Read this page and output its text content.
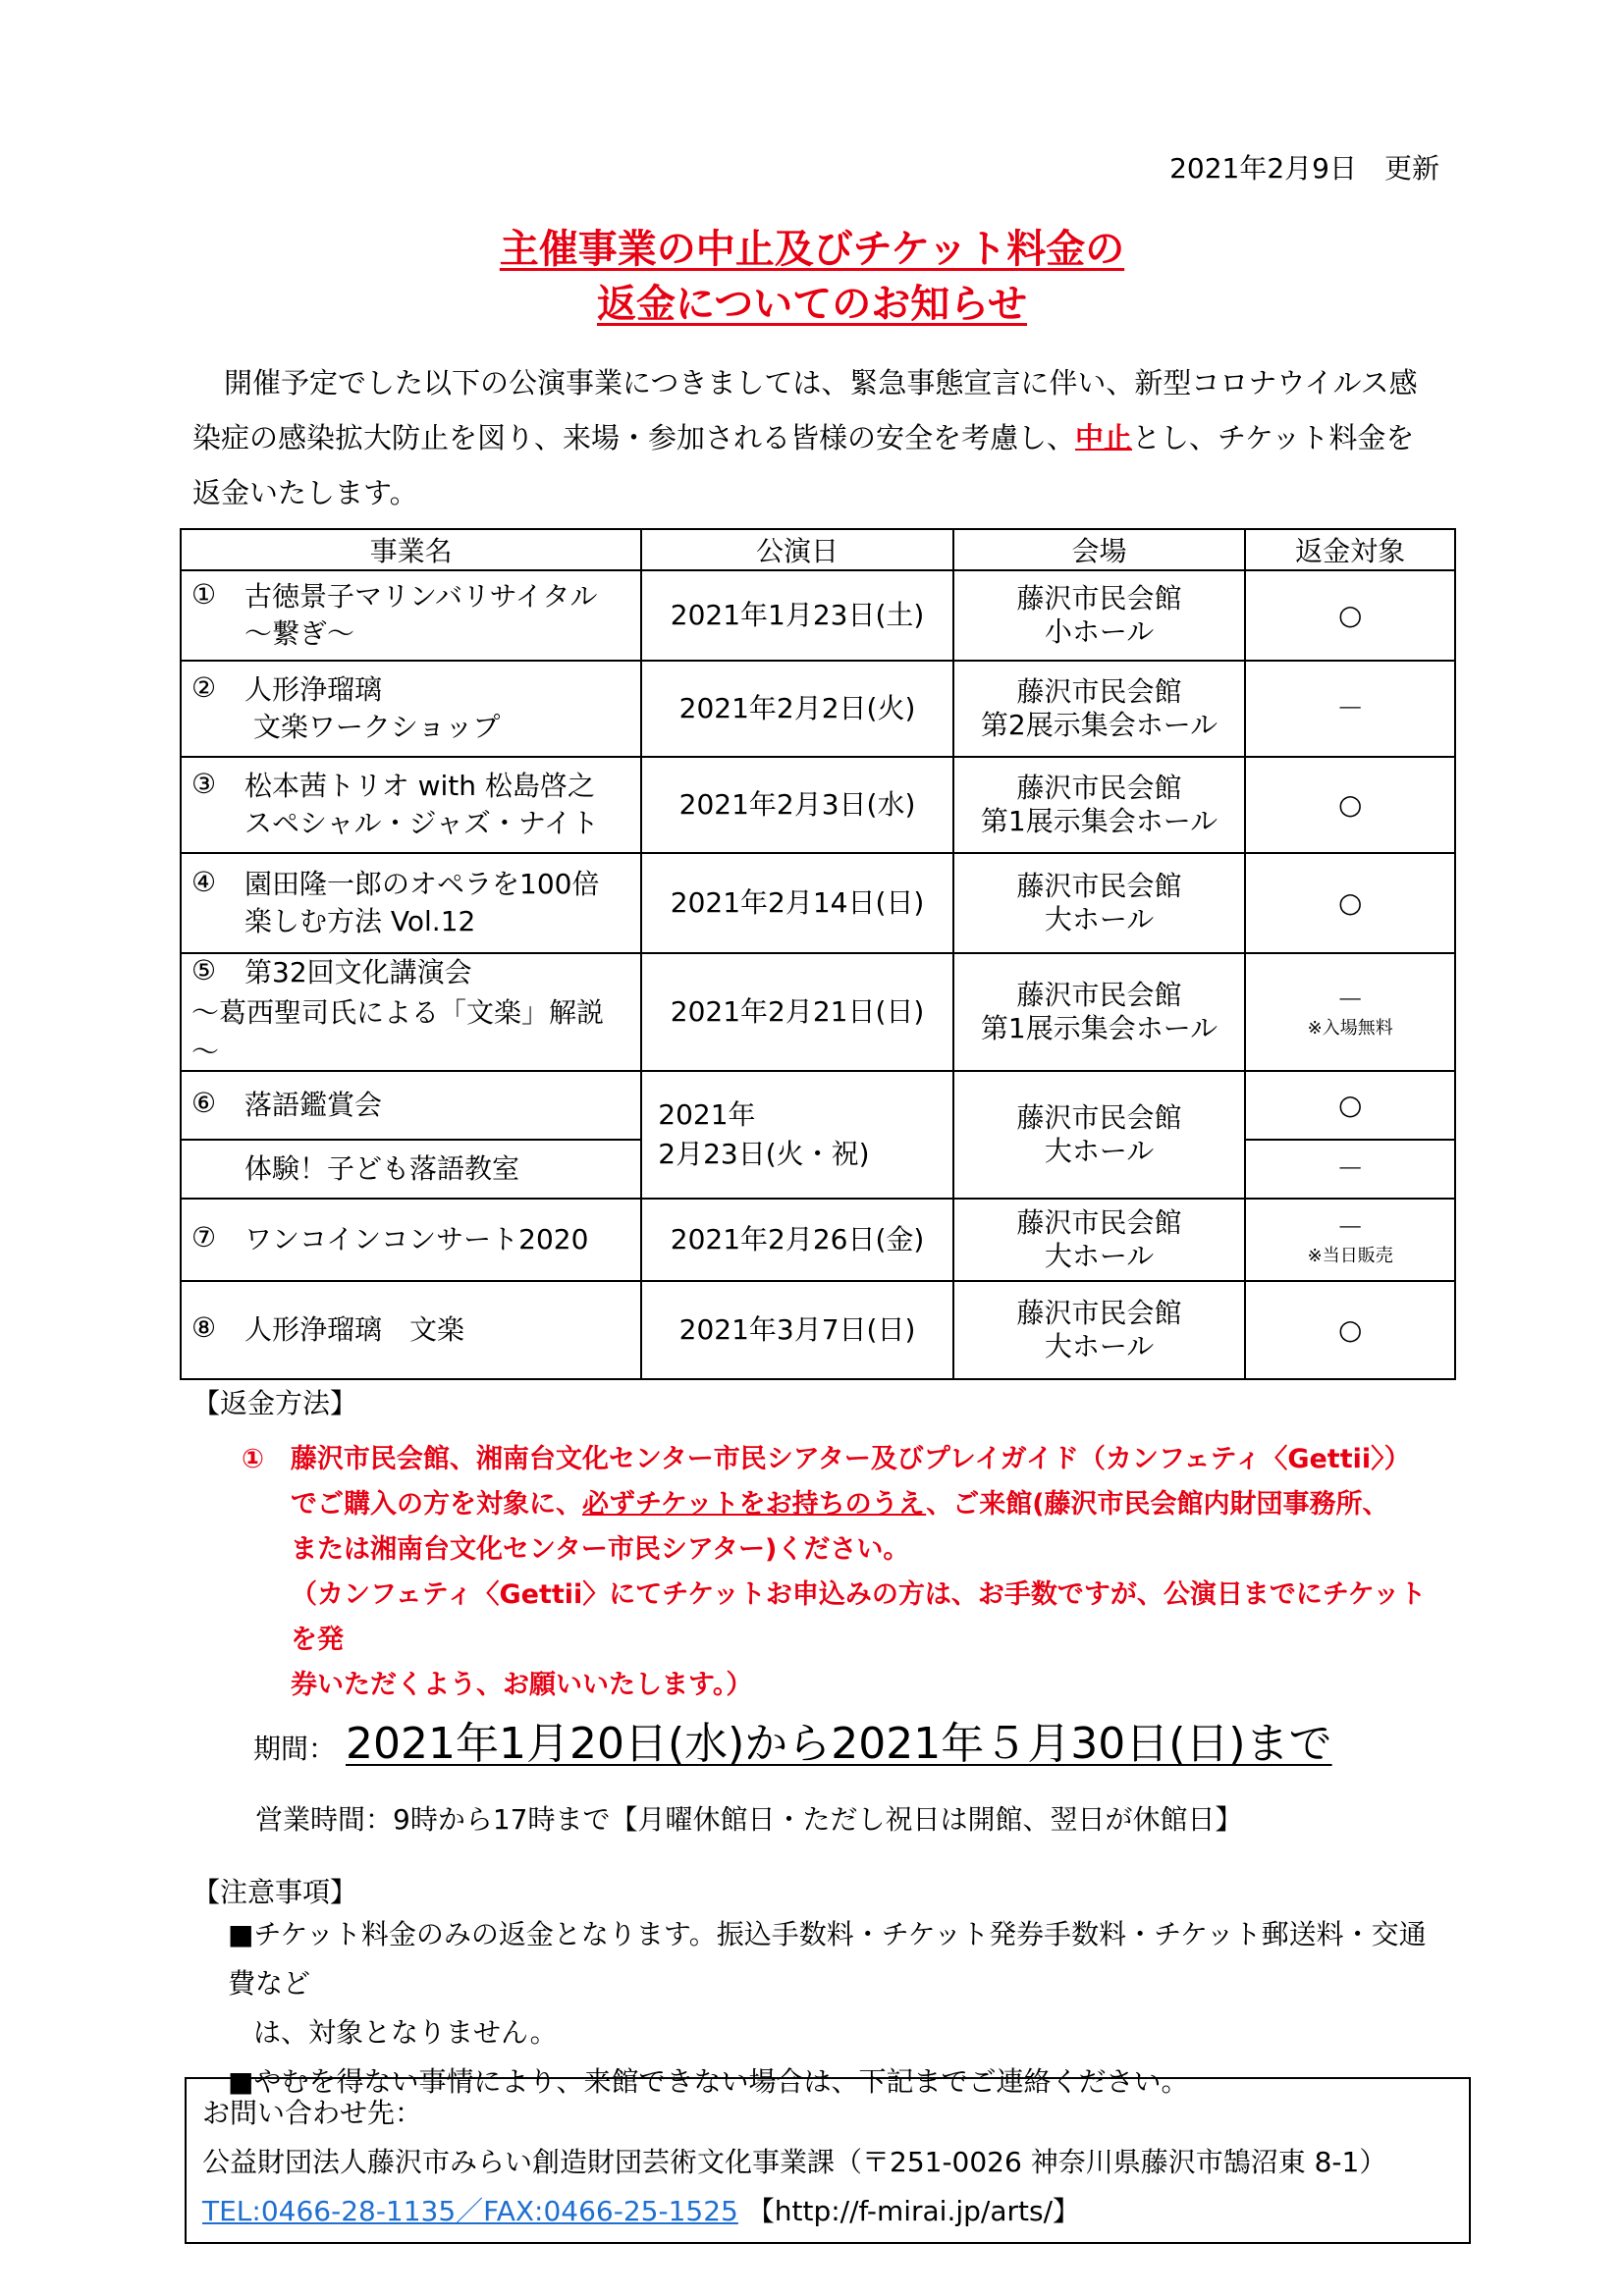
2021年2月9日　更新
主催事業の中止及びチケット料金の
返金についてのお知らせ
開催予定でした以下の公演事業につきましては、緊急事態宣言に伴い、新型コロナウイルス感
染症の感染拡大防止を図り、来場・参加される皆様の安全を考慮し、中止とし、チケット料金を
返金いたします。
事業名	公演日	会場	返金対象
① 古徳景子マリンバリサイタル
～繋ぎ～	2021年1月23日(土)	藤沢市民会館
小ホール	○
② 人形浄瑠璃
文楽ワークショップ	2021年2月2日(火)	藤沢市民会館
第2展示集会ホール	－
③ 松本茜トリオ with 松島啓之
スペシャル・ジャズ・ナイト	2021年2月3日(水)	藤沢市民会館
第1展示集会ホール	○
④ 園田隆一郎のオペラを100倍
楽しむ方法 Vol.12	2021年2月14日(日)	藤沢市民会館
大ホール	○
⑤ 第32回文化講演会
～葛西聖司氏による「文楽」解説～	2021年2月21日(日)	藤沢市民会館
第1展示集会ホール	－
※入場無料

⑥ 落語鑑賞会	2021年
2月23日(火・祝)	藤沢市民会館
大ホール	○
体験！子ども落語教室			－
⑦ ワンコインコンサート2020	2021年2月26日(金)	藤沢市民会館
大ホール	－
※当日販売

⑧ 人形浄瑠璃　文楽	2021年3月7日(日)	藤沢市民会館
大ホール	○
【返金方法】
①　藤沢市民会館、湘南台文化センター市民シアター及びプレイガイド（カンフェティ〈Gettii〉）
でご購入の方を対象に、必ずチケットをお持ちのうえ、ご来館(藤沢市民会館内財団事務所、
または湘南台文化センター市民シアター)ください。
（カンフェティ〈Gettii〉にてチケットお申込みの方は、お手数ですが、公演日までにチケットを発
券いただくよう、お願いいたします。）
期間： 2021年1月20日(水)から2021年５月30日(日)まで
営業時間：9時から17時まで【月曜休館日・ただし祝日は開館、翌日が休館日】
【注意事項】
■チケット料金のみの返金となります。振込手数料・チケット発券手数料・チケット郵送料・交通費など
は、対象となりません。
■やむを得ない事情により、来館できない場合は、下記までご連絡ください。
お問い合わせ先：
公益財団法人藤沢市みらい創造財団芸術文化事業課（〒251-0026 神奈川県藤沢市鵠沼東 8-1）
TEL:0466-28-1135／FAX:0466-25-1525 【http://f-mirai.jp/arts/】
